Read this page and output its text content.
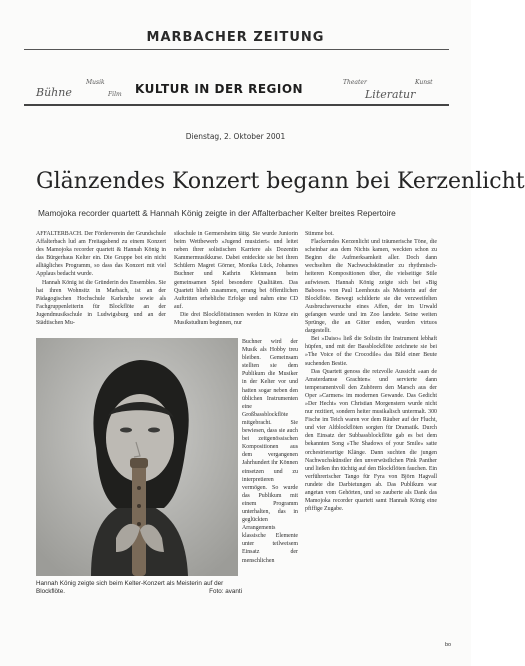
MARBACHER ZEITUNG
Bühne
Musik
Film KULTUR IN DER REGION	Theater
Literatur
Kunst
Dienstag, 2. Oktober 2001
Glänzendes Konzert begann bei Kerzenlicht
Mamojoka recorder quartett & Hannah König zeigte in der Affalterbacher Kelter breites Repertoire

AFFALTERBACH. Der Förderverein der Grundschule Affalterbach lud am Freitagabend zu einem Konzert des Mamojoka recorder quartett & Hannah König in das Bürgerhaus Kelter ein. Die Gruppe bot ein nicht alltägliches Programm, so dass das Konzert mit viel Applaus bedacht wurde.

Hannah König ist die Gründerin des Ensembles. Sie hat ihren Wohnsitz in Marbach, ist an der Pädagogischen Hochschule Karlsruhe sowie als Fachgruppenleiterin für Blockflöte an der Jugendmusikschule in Ludwigsburg und an der Städtischen Mu-

sikschule in Germersheim tätig. Sie wurde Juniorin beim Wettbewerb »Jugend musiziert« und leitet neben ihrer solistischen Karriere als Dozentin Kammermusikkurse. Dabei entdeckte sie bei ihren Schülern Magret Görner, Monika Lück, Johannes Buchner und Kathrin Kleinmann beim gemeinsamen Spiel besondere Qualitäten. Das Quartett blieb zusammen, errang bei öffentlichen Auftritten erhebliche Erfolge und nahm eine CD auf.

Die drei Blockflötistinnen werden in Kürze ein Musikstudium beginnen, nur

Buchner wird der Musik als Hobby treu bleiben. Gemeinsam stellten sie dem Publikum die Musiker in der Kelter vor und hatten sogar neben den üblichen Instrumenten eine Großbassblockflöte mitgebracht. Sie bewiesen, dass sie auch bei zeitgenössischen Kompositionen aus dem vergangenen Jahrhundert ihr Können einsetzen und zu interpretieren vermögen. So wurde das Publikum mit einem Programm unterhalten, das in geglückten Arrangements klassische Elemente unter teilweisem Einsatz der menschlichen

Stimme bot.

Flackerndes Kerzenlicht und träumerische Töne, die scheinbar aus dem Nichts kamen, weckten schon zu Beginn die Aufmerksamkeit aller. Doch dann wechselten die Nachwuchskünstler zu rhythmisch-heiteren Kompositionen über, die vielseitige Stile aufwiesen. Hannah König zeigte sich bei »Big Baboon« von Paul Leenhouts als Meisterin auf der Blockflöte. Bewegt schilderte sie die verzweifelten Ausbruchsversuche eines Affen, der im Urwald gefangen wurde und im Zoo landete. Seine weiten Sprünge, die an Gitter enden, wurden virtuos dargestellt.

Bei »Daiso« ließ die Solistin ihr Instrument lebhaft hüpfen, und mit der Bassblockflöte zeichnete sie bei »The Voice of the Crocodile« das Bild einer Beute suchenden Bestie.

Das Quartett genoss die reizvolle Aussicht »aan de Amsterdamse Grachten« und servierte dann temperamentvoll den Zuhörern den Marsch aus der Oper »Carmen« im modernen Gewande. Das Gedicht »Der Hecht« von Christian Morgenstern wurde nicht nur rezitiert, sondern heiter musikalisch untermalt. 300 Fische im Teich waren vor dem Räuber auf der Flucht, und vier Altblockflöten sorgten für Dramatik. Durch den Einsatz der Subbassblockflöte gab es bei dem bekannten Song »The Shadows of your Smile« satte orchestrierartige Klänge. Dann suchten die jungen Nachwuchskünstler den unverwüstlichen Pink Panther und ließen ihn tüchtig auf den Blockflöten fauchen. Ein verführerischer Tango für Fyra von Björn Hagvall rundete die Darbietungen ab. Das Publikum war angetan vom Gehörten, und so zauberte als Dank das Mamojoka recorder quartett samt Hannah König eine pfiffige Zugabe.

Hannah König zeigte sich beim Kelter-Konzert als Meisterin auf der Blockflöte.	Foto: avanti
bo
